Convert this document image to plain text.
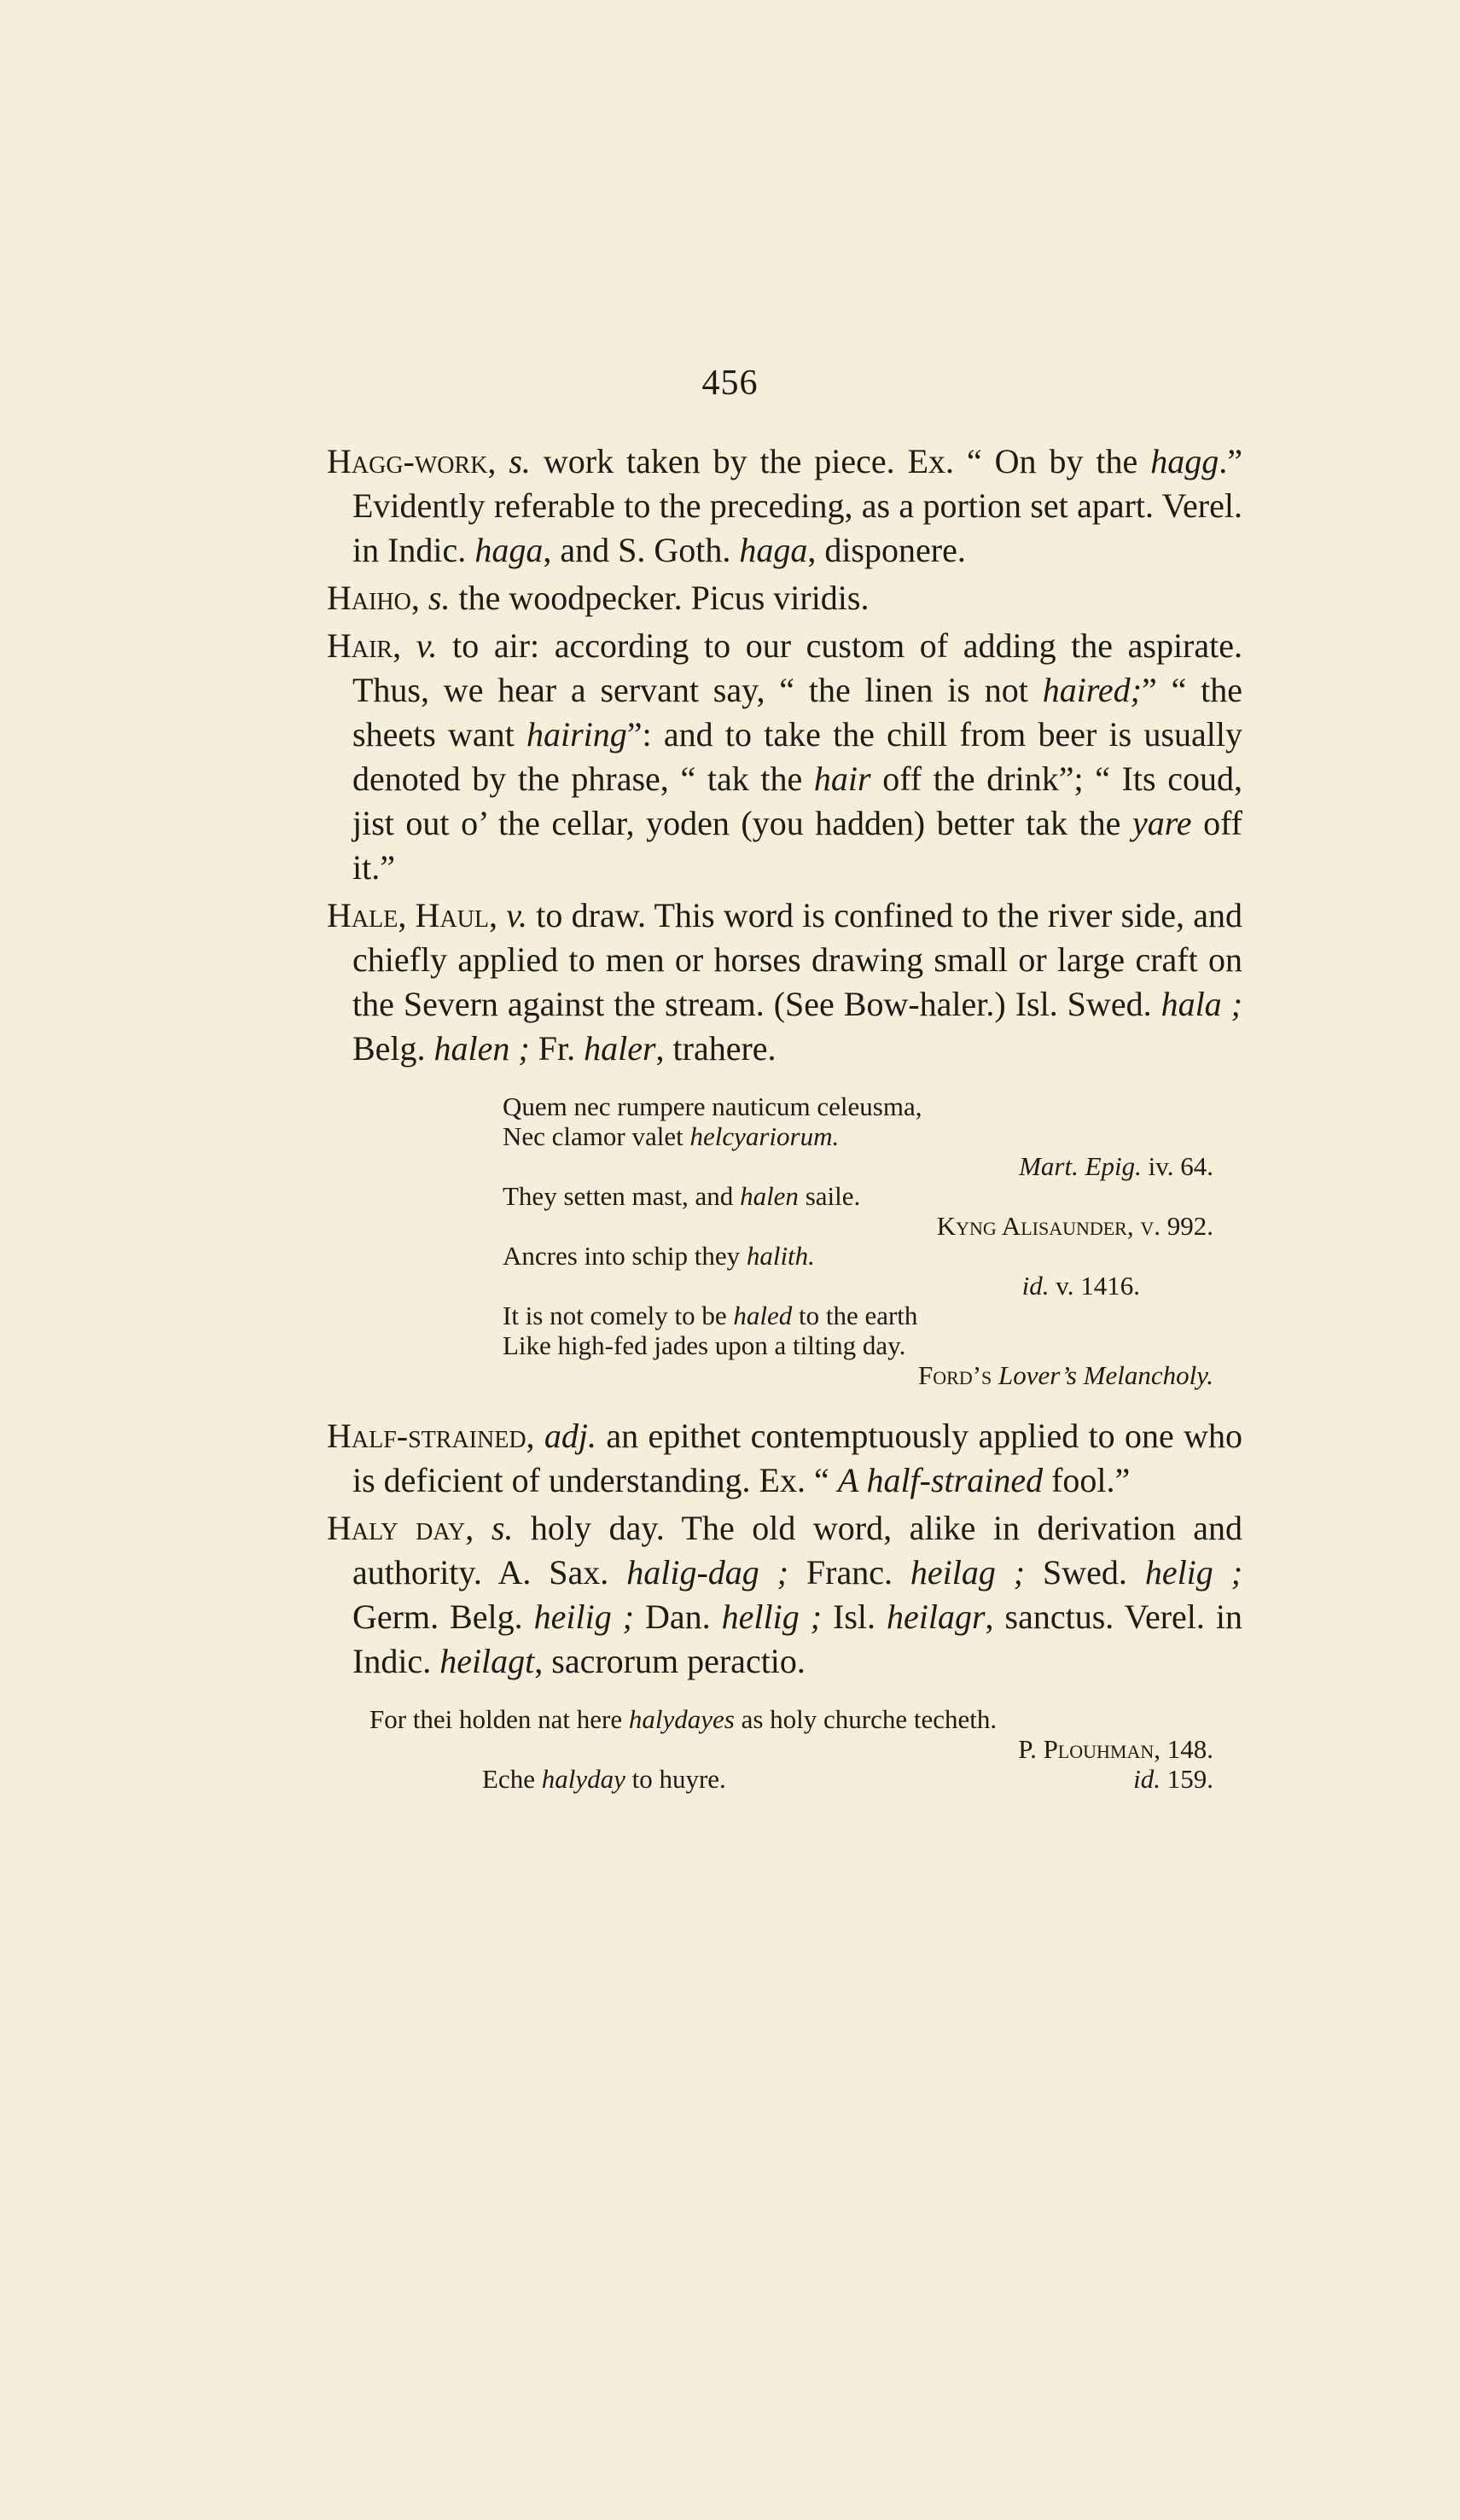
456

Hagg-work, s. work taken by the piece. Ex. “ On by the hagg.” Evidently referable to the preceding, as a portion set apart. Verel. in Indic. haga, and S. Goth. haga, disponere.

Haiho, s. the woodpecker. Picus viridis.

Hair, v. to air: according to our custom of adding the aspirate. Thus, we hear a servant say, “ the linen is not haired;” “ the sheets want hairing”: and to take the chill from beer is usually denoted by the phrase, “ tak the hair off the drink”; “ Its coud, jist out o’ the cellar, yoden (you hadden) better tak the yare off it.”

Hale, Haul, v. to draw. This word is confined to the river side, and chiefly applied to men or horses drawing small or large craft on the Severn against the stream. (See Bow-haler.) Isl. Swed. hala ; Belg. halen ; Fr. haler, trahere.

Quem nec rumpere nauticum celeusma,
Nec clamor valet helcyariorum.
Mart. Epig. iv. 64.
They setten mast, and halen saile.
Kyng Alisaunder, v. 992.
Ancres into schip they halith.
id. v. 1416.
It is not comely to be haled to the earth
Like high-fed jades upon a tilting day.
Ford’s Lover’s Melancholy.

Half-strained, adj. an epithet contemptuously applied to one who is deficient of understanding. Ex. “ A half-strained fool.”

Haly day, s. holy day. The old word, alike in derivation and authority. A. Sax. halig-dag ; Franc. heilag ; Swed. helig ; Germ. Belg. heilig ; Dan. hellig ; Isl. heilagr, sanctus. Verel. in Indic. heilagt, sacrorum peractio.

For thei holden nat here halydayes as holy churche techeth.
P. Plouhman, 148.
Eche halyday to huyre.	id. 159.
